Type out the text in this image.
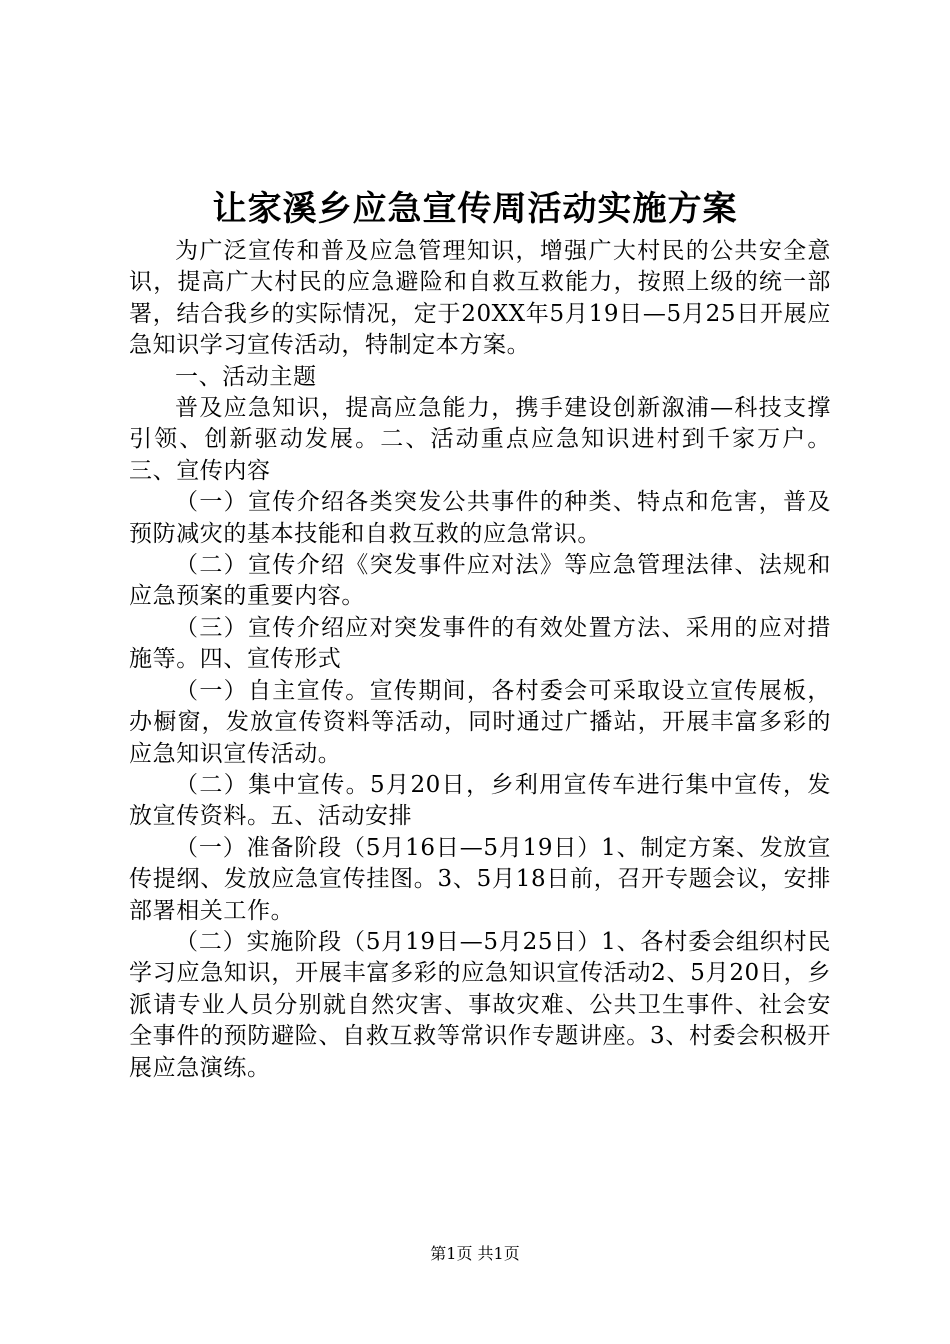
让家溪乡应急宣传周活动实施方案

为广泛宣传和普及应急管理知识，增强广大村民的公共安全意识，提高广大村民的应急避险和自救互救能力，按照上级的统一部署，结合我乡的实际情况，定于20XX年5月19日—5月25日开展应急知识学习宣传活动，特制定本方案。

一、活动主题

普及应急知识，提高应急能力，携手建设创新溆浦—科技支撑引领、创新驱动发展。二、活动重点应急知识进村到千家万户。三、宣传内容

（一）宣传介绍各类突发公共事件的种类、特点和危害，普及预防减灾的基本技能和自救互救的应急常识。

（二）宣传介绍《突发事件应对法》等应急管理法律、法规和应急预案的重要内容。

（三）宣传介绍应对突发事件的有效处置方法、采用的应对措施等。四、宣传形式

（一）自主宣传。宣传期间，各村委会可采取设立宣传展板，办橱窗，发放宣传资料等活动，同时通过广播站，开展丰富多彩的应急知识宣传活动。

（二）集中宣传。5月20日，乡利用宣传车进行集中宣传，发放宣传资料。五、活动安排

（一）准备阶段（5月16日—5月19日）1、制定方案、发放宣传提纲、发放应急宣传挂图。3、5月18日前，召开专题会议，安排部署相关工作。

（二）实施阶段（5月19日—5月25日）1、各村委会组织村民学习应急知识，开展丰富多彩的应急知识宣传活动2、5月20日，乡派请专业人员分别就自然灾害、事故灾难、公共卫生事件、社会安全事件的预防避险、自救互救等常识作专题讲座。3、村委会积极开展应急演练。

第1页 共1页
